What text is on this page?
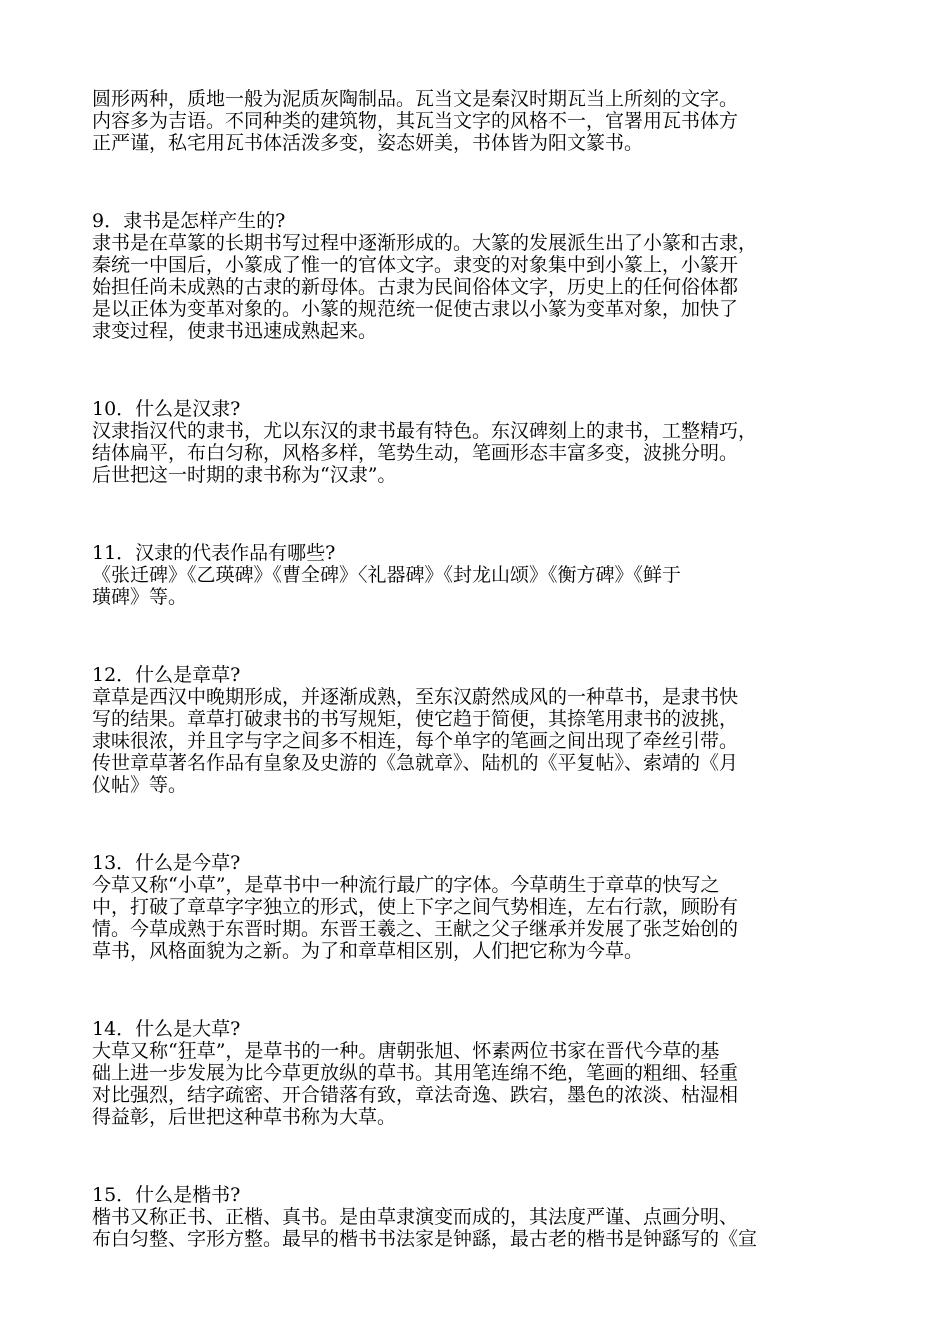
圆形两种，质地一般为泥质灰陶制品。瓦当文是秦汉时期瓦当上所刻的文字。
内容多为吉语。不同种类的建筑物，其瓦当文字的风格不一，官署用瓦书体方
正严谨，私宅用瓦书体活泼多变，姿态妍美，书体皆为阳文篆书。

9．隶书是怎样产生的?

隶书是在草篆的长期书写过程中逐渐形成的。大篆的发展派生出了小篆和古隶，
秦统一中国后，小篆成了惟一的官体文字。隶变的对象集中到小篆上，小篆开
始担任尚未成熟的古隶的新母体。古隶为民间俗体文字，历史上的任何俗体都
是以正体为变革对象的。小篆的规范统一促使古隶以小篆为变革对象，加快了
隶变过程，使隶书迅速成熟起来。

10．什么是汉隶?

汉隶指汉代的隶书，尤以东汉的隶书最有特色。东汉碑刻上的隶书，工整精巧，
结体扁平，布白匀称，风格多样，笔势生动，笔画形态丰富多变，波挑分明。
后世把这一时期的隶书称为“汉隶”。

11．汉隶的代表作品有哪些?

《张迁碑》《乙瑛碑》《曹全碑》〈礼器碑》《封龙山颂》《衡方碑》《鲜于
璜碑》等。

12．什么是章草?

章草是西汉中晚期形成，并逐渐成熟，至东汉蔚然成风的一种草书，是隶书快
写的结果。章草打破隶书的书写规矩，使它趋于简便，其捺笔用隶书的波挑，
隶味很浓，并且字与字之间多不相连，每个单字的笔画之间出现了牵丝引带。
传世章草著名作品有皇象及史游的《急就章》、陆机的《平复帖》、索靖的《月
仪帖》等。

13．什么是今草?

今草又称“小草”，是草书中一种流行最广的字体。今草萌生于章草的快写之
中，打破了章草字字独立的形式，使上下字之间气势相连，左右行款，顾盼有
情。今草成熟于东晋时期。东晋王羲之、王献之父子继承并发展了张芝始创的
草书，风格面貌为之新。为了和章草相区别，人们把它称为今草。

14．什么是大草?

大草又称“狂草”，是草书的一种。唐朝张旭、怀素两位书家在晋代今草的基
础上进一步发展为比今草更放纵的草书。其用笔连绵不绝，笔画的粗细、轻重
对比强烈，结字疏密、开合错落有致，章法奇逸、跌宕，墨色的浓淡、枯湿相
得益彰，后世把这种草书称为大草。

15．什么是楷书?

楷书又称正书、正楷、真书。是由草隶演变而成的，其法度严谨、点画分明、
布白匀整、字形方整。最早的楷书书法家是钟繇，最古老的楷书是钟繇写的《宣
